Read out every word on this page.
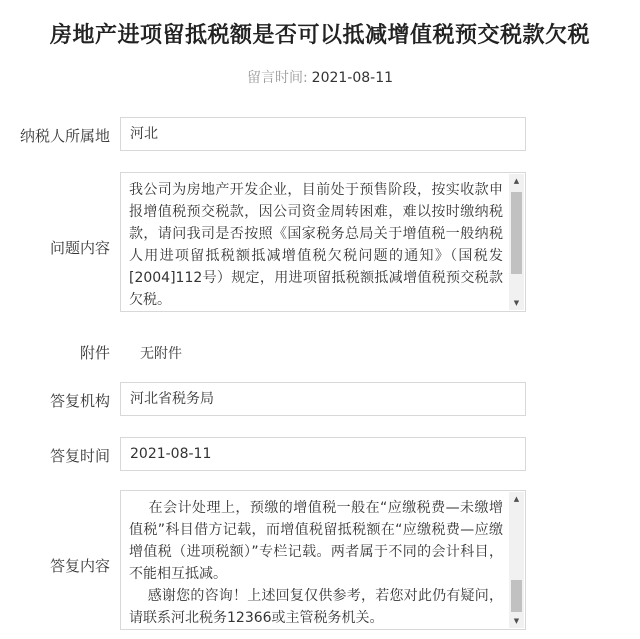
房地产进项留抵税额是否可以抵减增值税预交税款欠税
留言时间: 2021-08-11
纳税人所属地	河北
问题内容
我公司为房地产开发企业，目前处于预售阶段，按实收款申报增值税预交税款，因公司资金周转困难，难以按时缴纳税款，请问我司是否按照《国家税务总局关于增值税一般纳税人用进项留抵税额抵减增值税欠税问题的通知》（国税发[2004]112号）规定，用进项留抵税额抵减增值税预交税款欠税。
▲
▼
附件 无附件
答复机构	河北省税务局
答复时间	2021-08-11
答复内容
在会计处理上，预缴的增值税一般在“应缴税费—未缴增值税”科目借方记载，而增值税留抵税额在“应缴税费—应缴增值税（进项税额）”专栏记载。两者属于不同的会计科目，不能相互抵减。
感谢您的咨询！上述回复仅供参考，若您对此仍有疑问，请联系河北税务12366或主管税务机关。
▲
▼
